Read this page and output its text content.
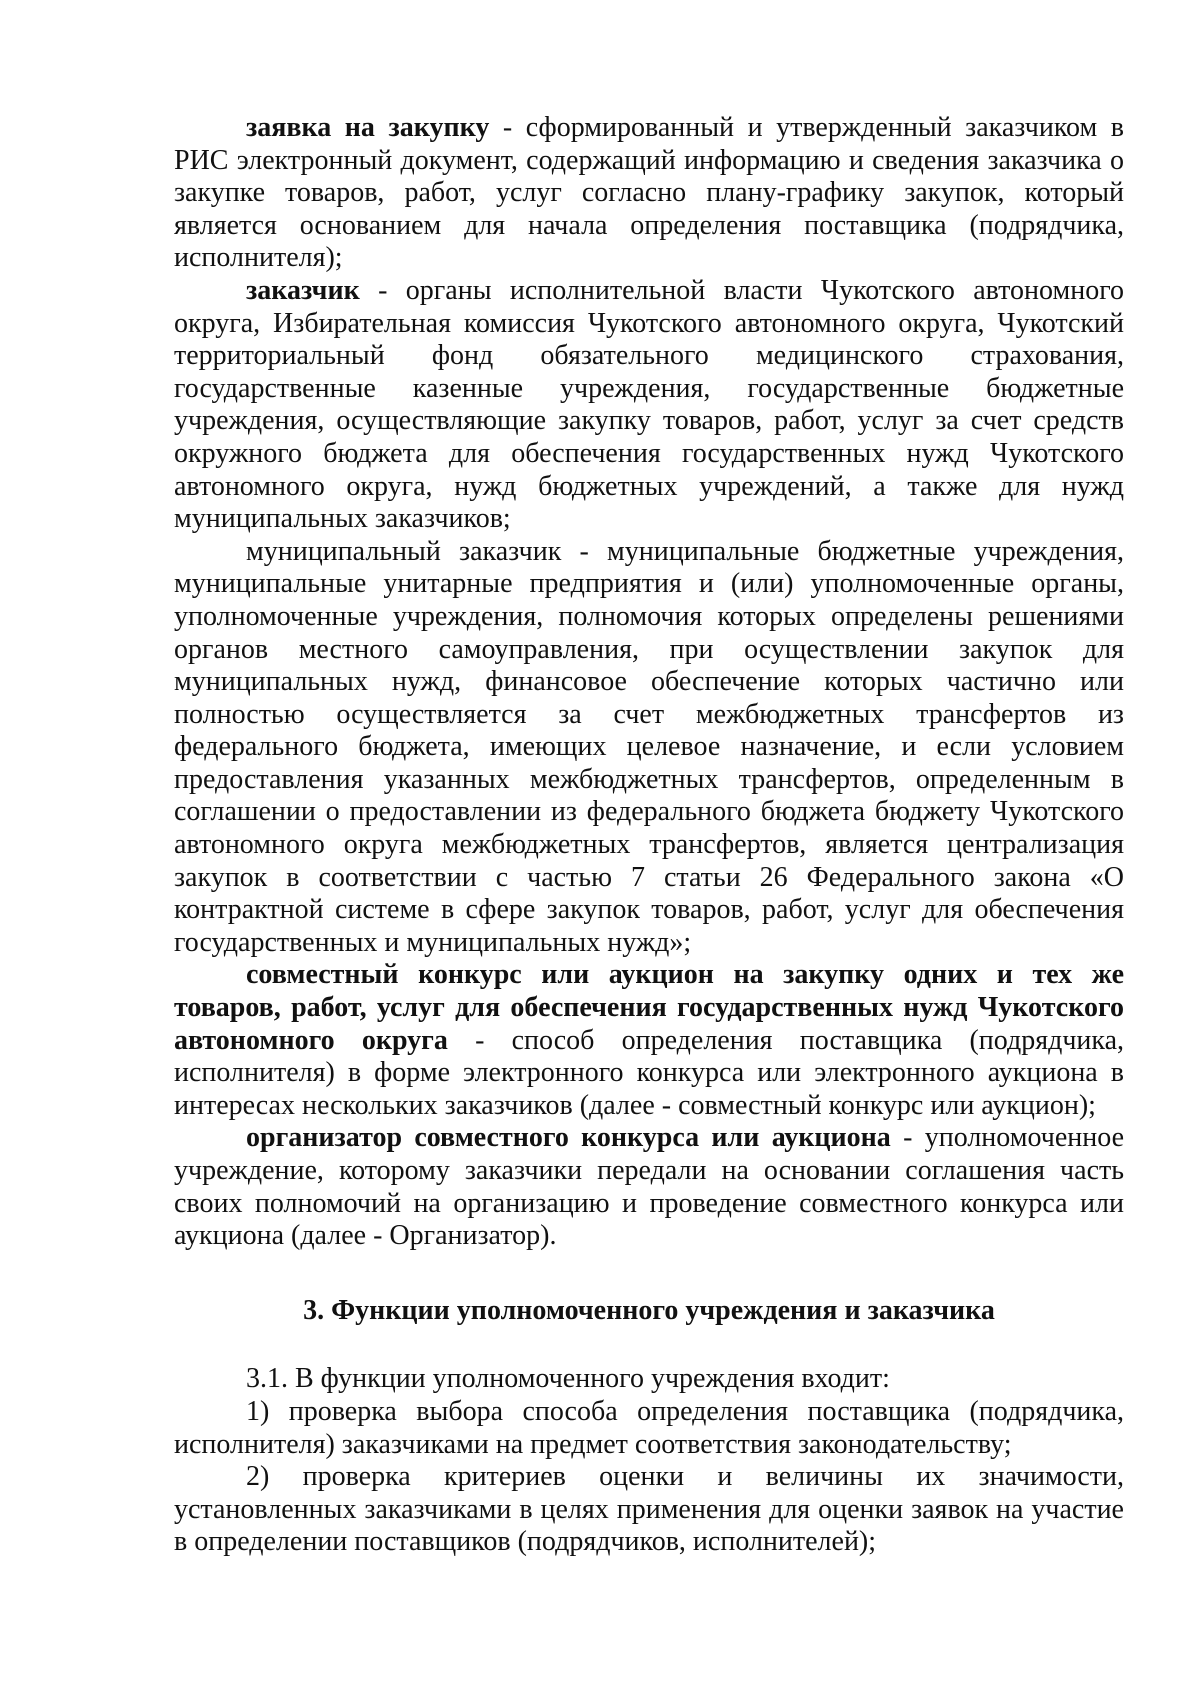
заявка на закупку - сформированный и утвержденный заказчиком в РИС электронный документ, содержащий информацию и сведения заказчика о закупке товаров, работ, услуг согласно плану-графику закупок, который является основанием для начала определения поставщика (подрядчика, исполнителя);

заказчик - органы исполнительной власти Чукотского автономного округа, Избирательная комиссия Чукотского автономного округа, Чукотский территориальный фонд обязательного медицинского страхования, государственные казенные учреждения, государственные бюджетные учреждения, осуществляющие закупку товаров, работ, услуг за счет средств окружного бюджета для обеспечения государственных нужд Чукотского автономного округа, нужд бюджетных учреждений, а также для нужд муниципальных заказчиков;

муниципальный заказчик - муниципальные бюджетные учреждения, муниципальные унитарные предприятия и (или) уполномоченные органы, уполномоченные учреждения, полномочия которых определены решениями органов местного самоуправления, при осуществлении закупок для муниципальных нужд, финансовое обеспечение которых частично или полностью осуществляется за счет межбюджетных трансфертов из федерального бюджета, имеющих целевое назначение, и если условием предоставления указанных межбюджетных трансфертов, определенным в соглашении о предоставлении из федерального бюджета бюджету Чукотского автономного округа межбюджетных трансфертов, является централизация закупок в соответствии с частью 7 статьи 26 Федерального закона «О контрактной системе в сфере закупок товаров, работ, услуг для обеспечения государственных и муниципальных нужд»;

совместный конкурс или аукцион на закупку одних и тех же товаров, работ, услуг для обеспечения государственных нужд Чукотского автономного округа - способ определения поставщика (подрядчика, исполнителя) в форме электронного конкурса или электронного аукциона в интересах нескольких заказчиков (далее - совместный конкурс или аукцион);

организатор совместного конкурса или аукциона - уполномоченное учреждение, которому заказчики передали на основании соглашения часть своих полномочий на организацию и проведение совместного конкурса или аукциона (далее - Организатор).

3. Функции уполномоченного учреждения и заказчика

3.1. В функции уполномоченного учреждения входит:

1) проверка выбора способа определения поставщика (подрядчика, исполнителя) заказчиками на предмет соответствия законодательству;

2) проверка критериев оценки и величины их значимости, установленных заказчиками в целях применения для оценки заявок на участие в определении поставщиков (подрядчиков, исполнителей);
